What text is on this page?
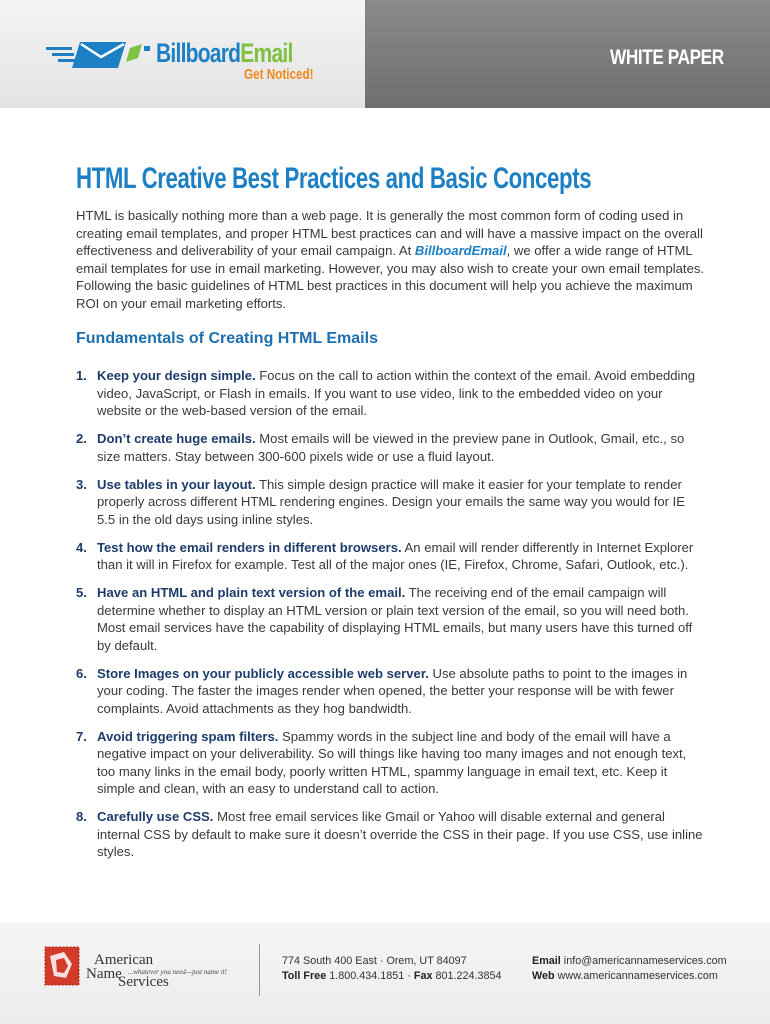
BillboardEmail
Get Noticed!
WHITE PAPER
HTML Creative Best Practices and Basic Concepts

HTML is basically nothing more than a web page. It is generally the most common form of coding used in creating email templates, and proper HTML best practices can and will have a massive impact on the overall effectiveness and deliverability of your email campaign. At BillboardEmail, we offer a wide range of HTML email templates for use in email marketing. However, you may also wish to create your own email templates. Following the basic guidelines of HTML best practices in this document will help you achieve the maximum ROI on your email marketing efforts.

Fundamentals of Creating HTML Emails
1. Keep your design simple. Focus on the call to action within the context of the email. Avoid embedding video, JavaScript, or Flash in emails. If you want to use video, link to the embedded video on your website or the web-based version of the email.
2. Don’t create huge emails. Most emails will be viewed in the preview pane in Outlook, Gmail, etc., so size matters. Stay between 300-600 pixels wide or use a fluid layout.
3. Use tables in your layout. This simple design practice will make it easier for your template to render properly across different HTML rendering engines. Design your emails the same way you would for IE 5.5 in the old days using inline styles.
4. Test how the email renders in different browsers. An email will render differently in Internet Explorer than it will in Firefox for example. Test all of the major ones (IE, Firefox, Chrome, Safari, Outlook, etc.).
5. Have an HTML and plain text version of the email. The receiving end of the email campaign will determine whether to display an HTML version or plain text version of the email, so you will need both. Most email services have the capability of displaying HTML emails, but many users have this turned off by default.
6. Store Images on your publicly accessible web server. Use absolute paths to point to the images in your coding. The faster the images render when opened, the better your response will be with fewer complaints. Avoid attachments as they hog bandwidth.
7. Avoid triggering spam filters. Spammy words in the subject line and body of the email will have a negative impact on your deliverability. So will things like having too many images and not enough text, too many links in the email body, poorly written HTML, spammy language in email text, etc. Keep it simple and clean, with an easy to understand call to action.
8. Carefully use CSS. Most free email services like Gmail or Yahoo will disable external and general internal CSS by default to make sure it doesn’t override the CSS in their page. If you use CSS, use inline styles.
American
Name ...whatever you need—just name it!
Services
774 South 400 East · Orem, UT 84097
Toll Free 1.800.434.1851 · Fax 801.224.3854
Email info@americannameservices.com
Web www.americannameservices.com
